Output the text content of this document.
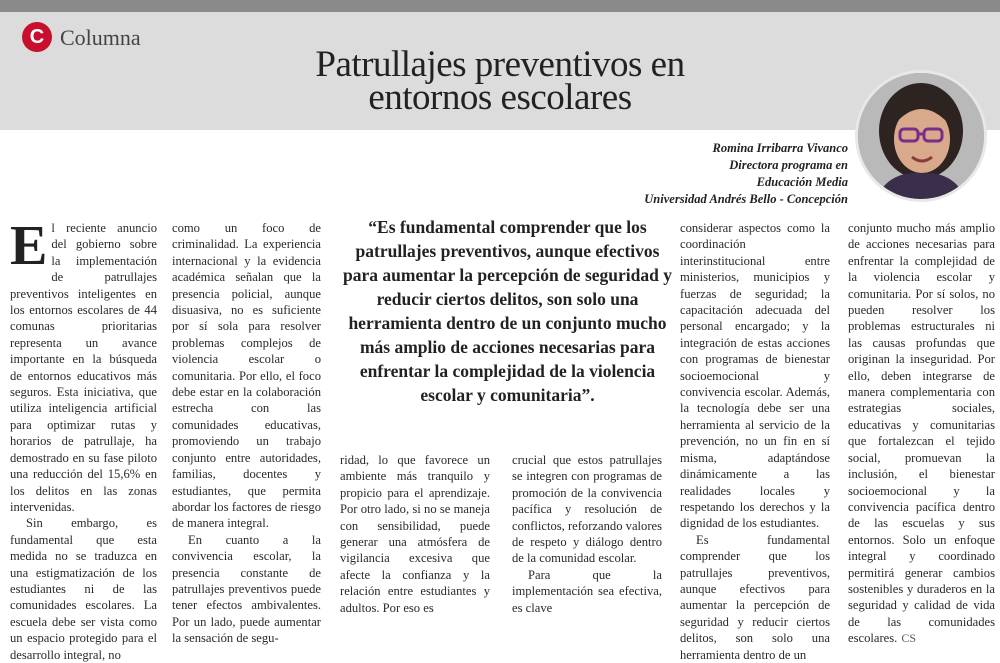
C Columna
Patrullajes preventivos en entornos escolares
Romina Irribarra Vivanco
Directora programa en
Educación Media
Universidad Andrés Bello - Concepción

El reciente anuncio del gobierno sobre la implementación de patrullajes preventivos inteligentes en los entornos escolares de 44 comunas prioritarias representa un avance importante en la búsqueda de entornos educativos más seguros. Esta iniciativa, que utiliza inteligencia artificial para optimizar rutas y horarios de patrullaje, ha demostrado en su fase piloto una reducción del 15,6% en los delitos en las zonas intervenidas.

Sin embargo, es fundamental que esta medida no se traduzca en una estigmatización de los estudiantes ni de las comunidades escolares. La escuela debe ser vista como un espacio protegido para el desarrollo integral, no

como un foco de criminalidad. La experiencia internacional y la evidencia académica señalan que la presencia policial, aunque disuasiva, no es suficiente por sí sola para resolver problemas complejos de violencia escolar o comunitaria. Por ello, el foco debe estar en la colaboración estrecha con las comunidades educativas, promoviendo un trabajo conjunto entre autoridades, familias, docentes y estudiantes, que permita abordar los factores de riesgo de manera integral.

En cuanto a la convivencia escolar, la presencia constante de patrullajes preventivos puede tener efectos ambivalentes. Por un lado, puede aumentar la sensación de segu-

“Es fundamental comprender que los patrullajes preventivos, aunque efectivos para aumentar la percepción de seguridad y reducir ciertos delitos, son solo una herramienta dentro de un conjunto mucho más amplio de acciones necesarias para enfrentar la complejidad de la violencia escolar y comunitaria”.

ridad, lo que favorece un ambiente más tranquilo y propicio para el aprendizaje. Por otro lado, si no se maneja con sensibilidad, puede generar una atmósfera de vigilancia excesiva que afecte la confianza y la relación entre estudiantes y adultos. Por eso es

crucial que estos patrullajes se integren con programas de promoción de la convivencia pacífica y resolución de conflictos, reforzando valores de respeto y diálogo dentro de la comunidad escolar.

Para que la implementación sea efectiva, es clave

considerar aspectos como la coordinación interinstitucional entre ministerios, municipios y fuerzas de seguridad; la capacitación adecuada del personal encargado; y la integración de estas acciones con programas de bienestar socioemocional y convivencia escolar. Además, la tecnología debe ser una herramienta al servicio de la prevención, no un fin en sí misma, adaptándose dinámicamente a las realidades locales y respetando los derechos y la dignidad de los estudiantes.

Es fundamental comprender que los patrullajes preventivos, aunque efectivos para aumentar la percepción de seguridad y reducir ciertos delitos, son solo una herramienta dentro de un

conjunto mucho más amplio de acciones necesarias para enfrentar la complejidad de la violencia escolar y comunitaria. Por sí solos, no pueden resolver los problemas estructurales ni las causas profundas que originan la inseguridad. Por ello, deben integrarse de manera complementaria con estrategias sociales, educativas y comunitarias que fortalezcan el tejido social, promuevan la inclusión, el bienestar socioemocional y la convivencia pacífica dentro de las escuelas y sus entornos. Solo un enfoque integral y coordinado permitirá generar cambios sostenibles y duraderos en la seguridad y calidad de vida de las comunidades escolares. CS
